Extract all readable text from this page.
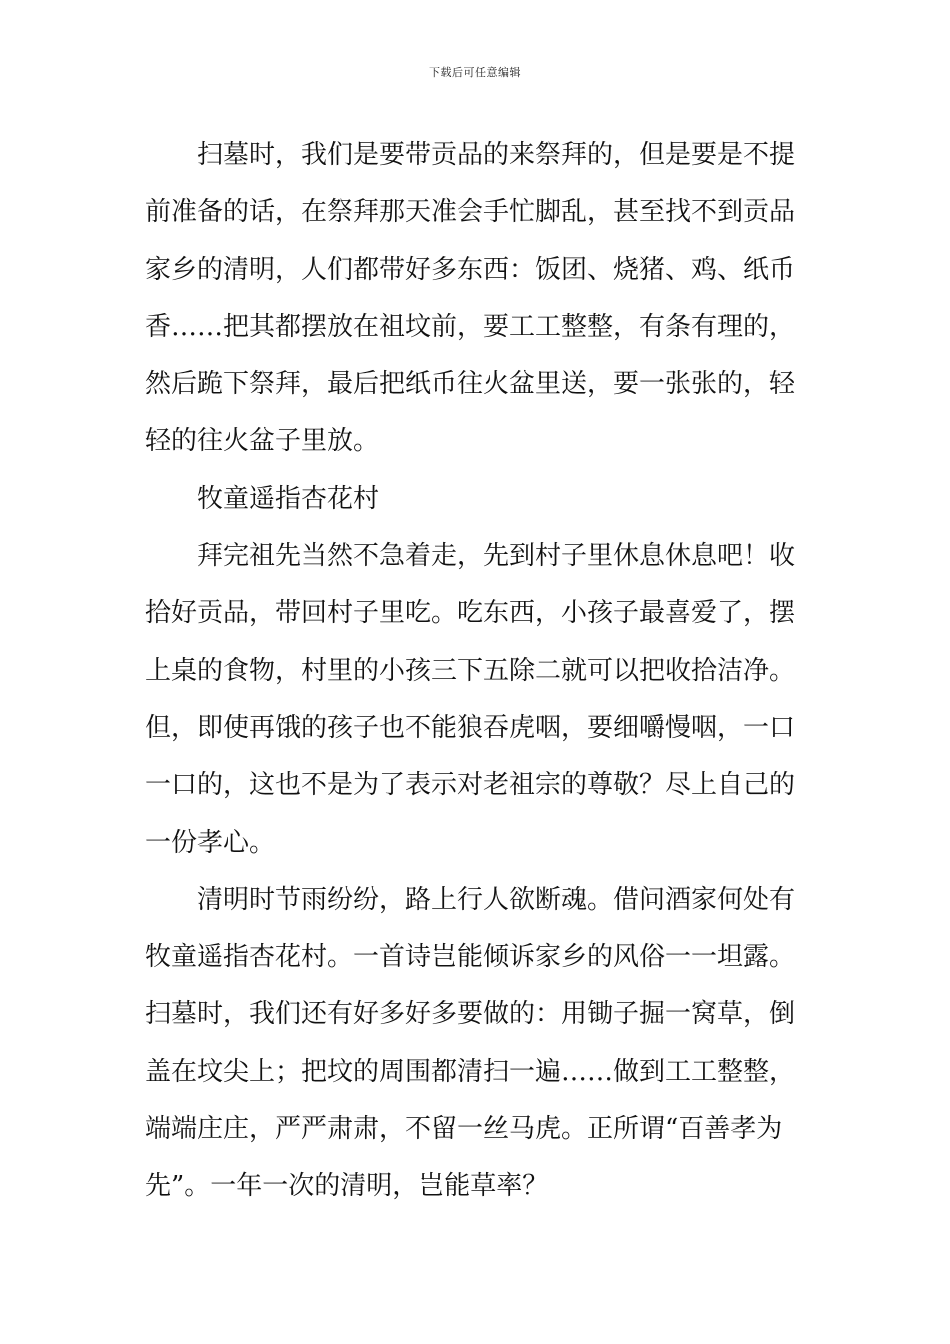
下载后可任意编辑
扫墓时，我们是要带贡品的来祭拜的，但是要是不提
前准备的话，在祭拜那天准会手忙脚乱，甚至找不到贡品
家乡的清明，人们都带好多东西：饭团、烧猪、鸡、纸币
香……把其都摆放在祖坟前，要工工整整，有条有理的，
然后跪下祭拜，最后把纸币往火盆里送，要一张张的，轻
轻的往火盆子里放。
牧童遥指杏花村
拜完祖先当然不急着走，先到村子里休息休息吧！收
拾好贡品，带回村子里吃。吃东西，小孩子最喜爱了，摆
上桌的食物，村里的小孩三下五除二就可以把收拾洁净。
但，即使再饿的孩子也不能狼吞虎咽，要细嚼慢咽，一口
一口的，这也不是为了表示对老祖宗的尊敬？尽上自己的
一份孝心。
清明时节雨纷纷，路上行人欲断魂。借问酒家何处有
牧童遥指杏花村。一首诗岂能倾诉家乡的风俗一一坦露。
扫墓时，我们还有好多好多要做的：用锄子掘一窝草，倒
盖在坟尖上；把坟的周围都清扫一遍……做到工工整整，
端端庄庄，严严肃肃，不留一丝马虎。正所谓“百善孝为
先”。一年一次的清明，岂能草率？
